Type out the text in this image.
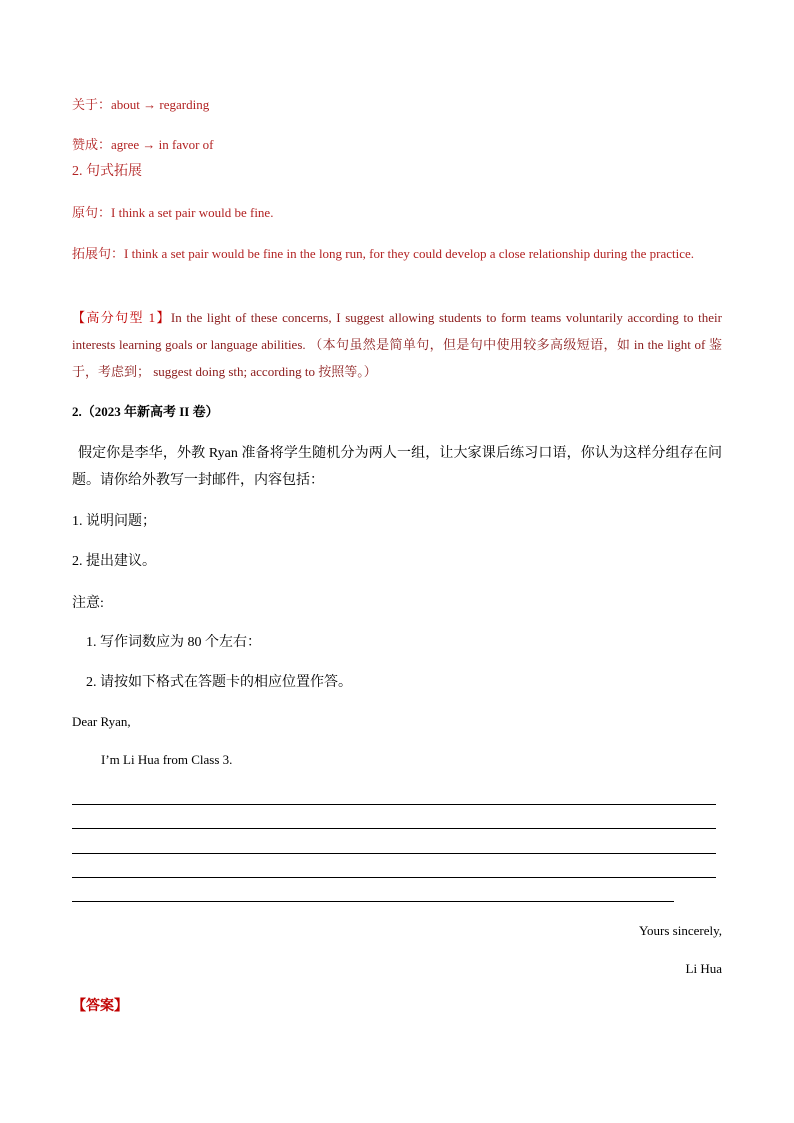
关于：about → regarding
赞成：agree → in favor of
2. 句式拓展
原句：I think a set pair would be fine.
拓展句：I think a set pair would be fine in the long run, for they could develop a close relationship during the practice.
【高分句型 1】In the light of these concerns, I suggest allowing students to form teams voluntarily according to their interests learning goals or language abilities. （本句虽然是简单句，但是句中使用较多高级短语，如 in the light of 鉴于，考虑到； suggest doing sth; according to 按照等。）
2.（2023 年新高考 II 卷）
假定你是李华，外教 Ryan 准备将学生随机分为两人一组，让大家课后练习口语，你认为这样分组存在问题。请你给外教写一封邮件，内容包括：
1. 说明问题；
2. 提出建议。
注意:
1. 写作词数应为 80 个左右：
2. 请按如下格式在答题卡的相应位置作答。
Dear Ryan,
I’m Li Hua from Class 3.
Yours sincerely,
Li Hua
【答案】
